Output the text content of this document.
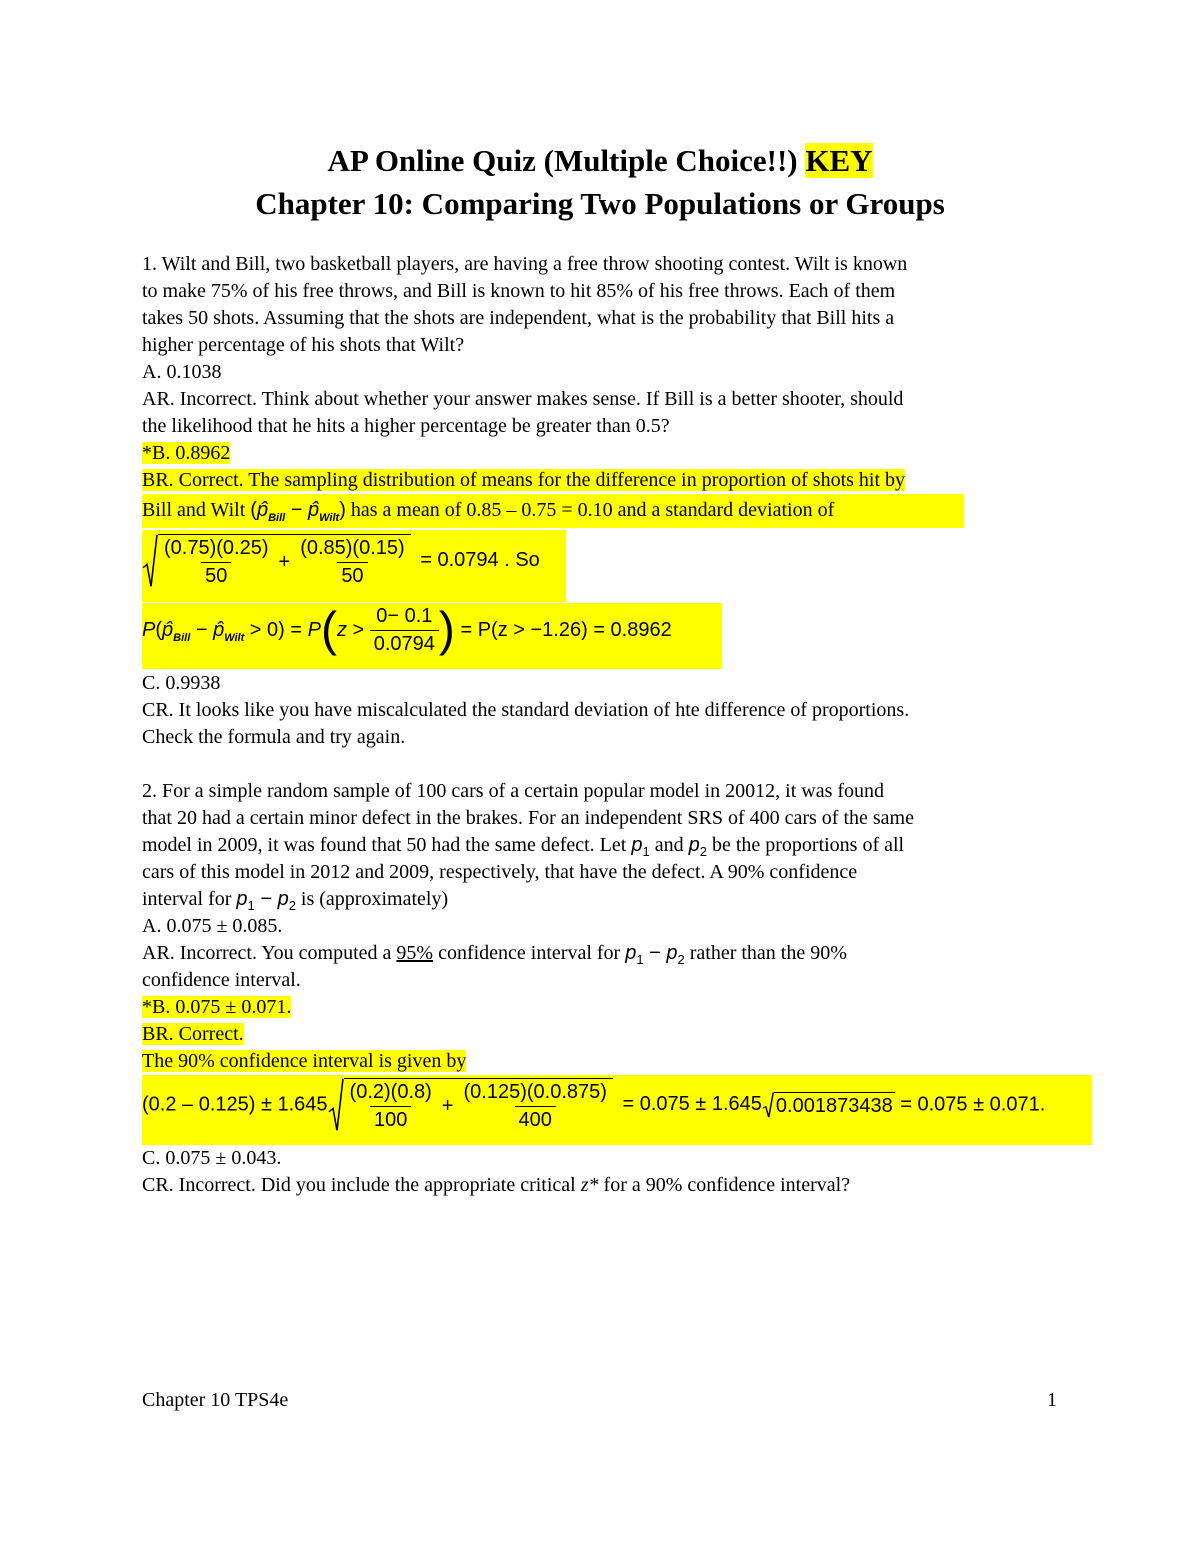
AP Online Quiz (Multiple Choice!!) KEY
Chapter 10: Comparing Two Populations or Groups
1. Wilt and Bill, two basketball players, are having a free throw shooting contest. Wilt is known
to make 75% of his free throws, and Bill is known to hit 85% of his free throws. Each of them
takes 50 shots. Assuming that the shots are independent, what is the probability that Bill hits a
higher percentage of his shots that Wilt?
A. 0.1038
AR. Incorrect. Think about whether your answer makes sense. If Bill is a better shooter, should
the likelihood that he hits a higher percentage be greater than 0.5?
*B. 0.8962
BR. Correct. The sampling distribution of means for the difference in proportion of shots hit by
Bill and Wilt ($p̂_{Bill}$ − $p̂_{Wilt}$) has a mean of 0.85 – 0.75 = 0.10 and a standard deviation of
$\frac{(0.75)(0.25)}{50} + \frac{(0.85)(0.15)}{50} = 0.0794$ . So
$P(p̂_{Bill}$ − $p̂_{Wilt} > 0) = P(z > \frac{0- 0.1}{0.0794}$ ) = P(z > −1.26) = 0.8962
C. 0.9938
CR. It looks like you have miscalculated the standard deviation of hte difference of proportions.
Check the formula and try again.
2. For a simple random sample of 100 cars of a certain popular model in 20012, it was found
that 20 had a certain minor defect in the brakes. For an independent SRS of 400 cars of the same
model in 2009, it was found that 50 had the same defect. Let $p_1$ and $p_2$ be the proportions of all
cars of this model in 2012 and 2009, respectively, that have the defect. A 90% confidence
interval for $p_1 - p_2$ is (approximately)
A. 0.075 ± 0.085.
AR. Incorrect. You computed a 95% confidence interval for $p_1 - p_2$ rather than the 90%
confidence interval.
*B. 0.075 ± 0.071.
BR. Correct.
The 90% confidence interval is given by
$(0.2 - 0.125) \pm 1.645 \frac{(0.2)(0.8)}{100} + \frac{(0.125)(0.0.875)}{400} = 0.075 \pm 1.645$ 0.001873438 = 0.075 ± 0.071.
C. 0.075 ± 0.043.
CR. Incorrect. Did you include the appropriate critical z* for a 90% confidence interval?
Chapter 10 TPS4e	1
